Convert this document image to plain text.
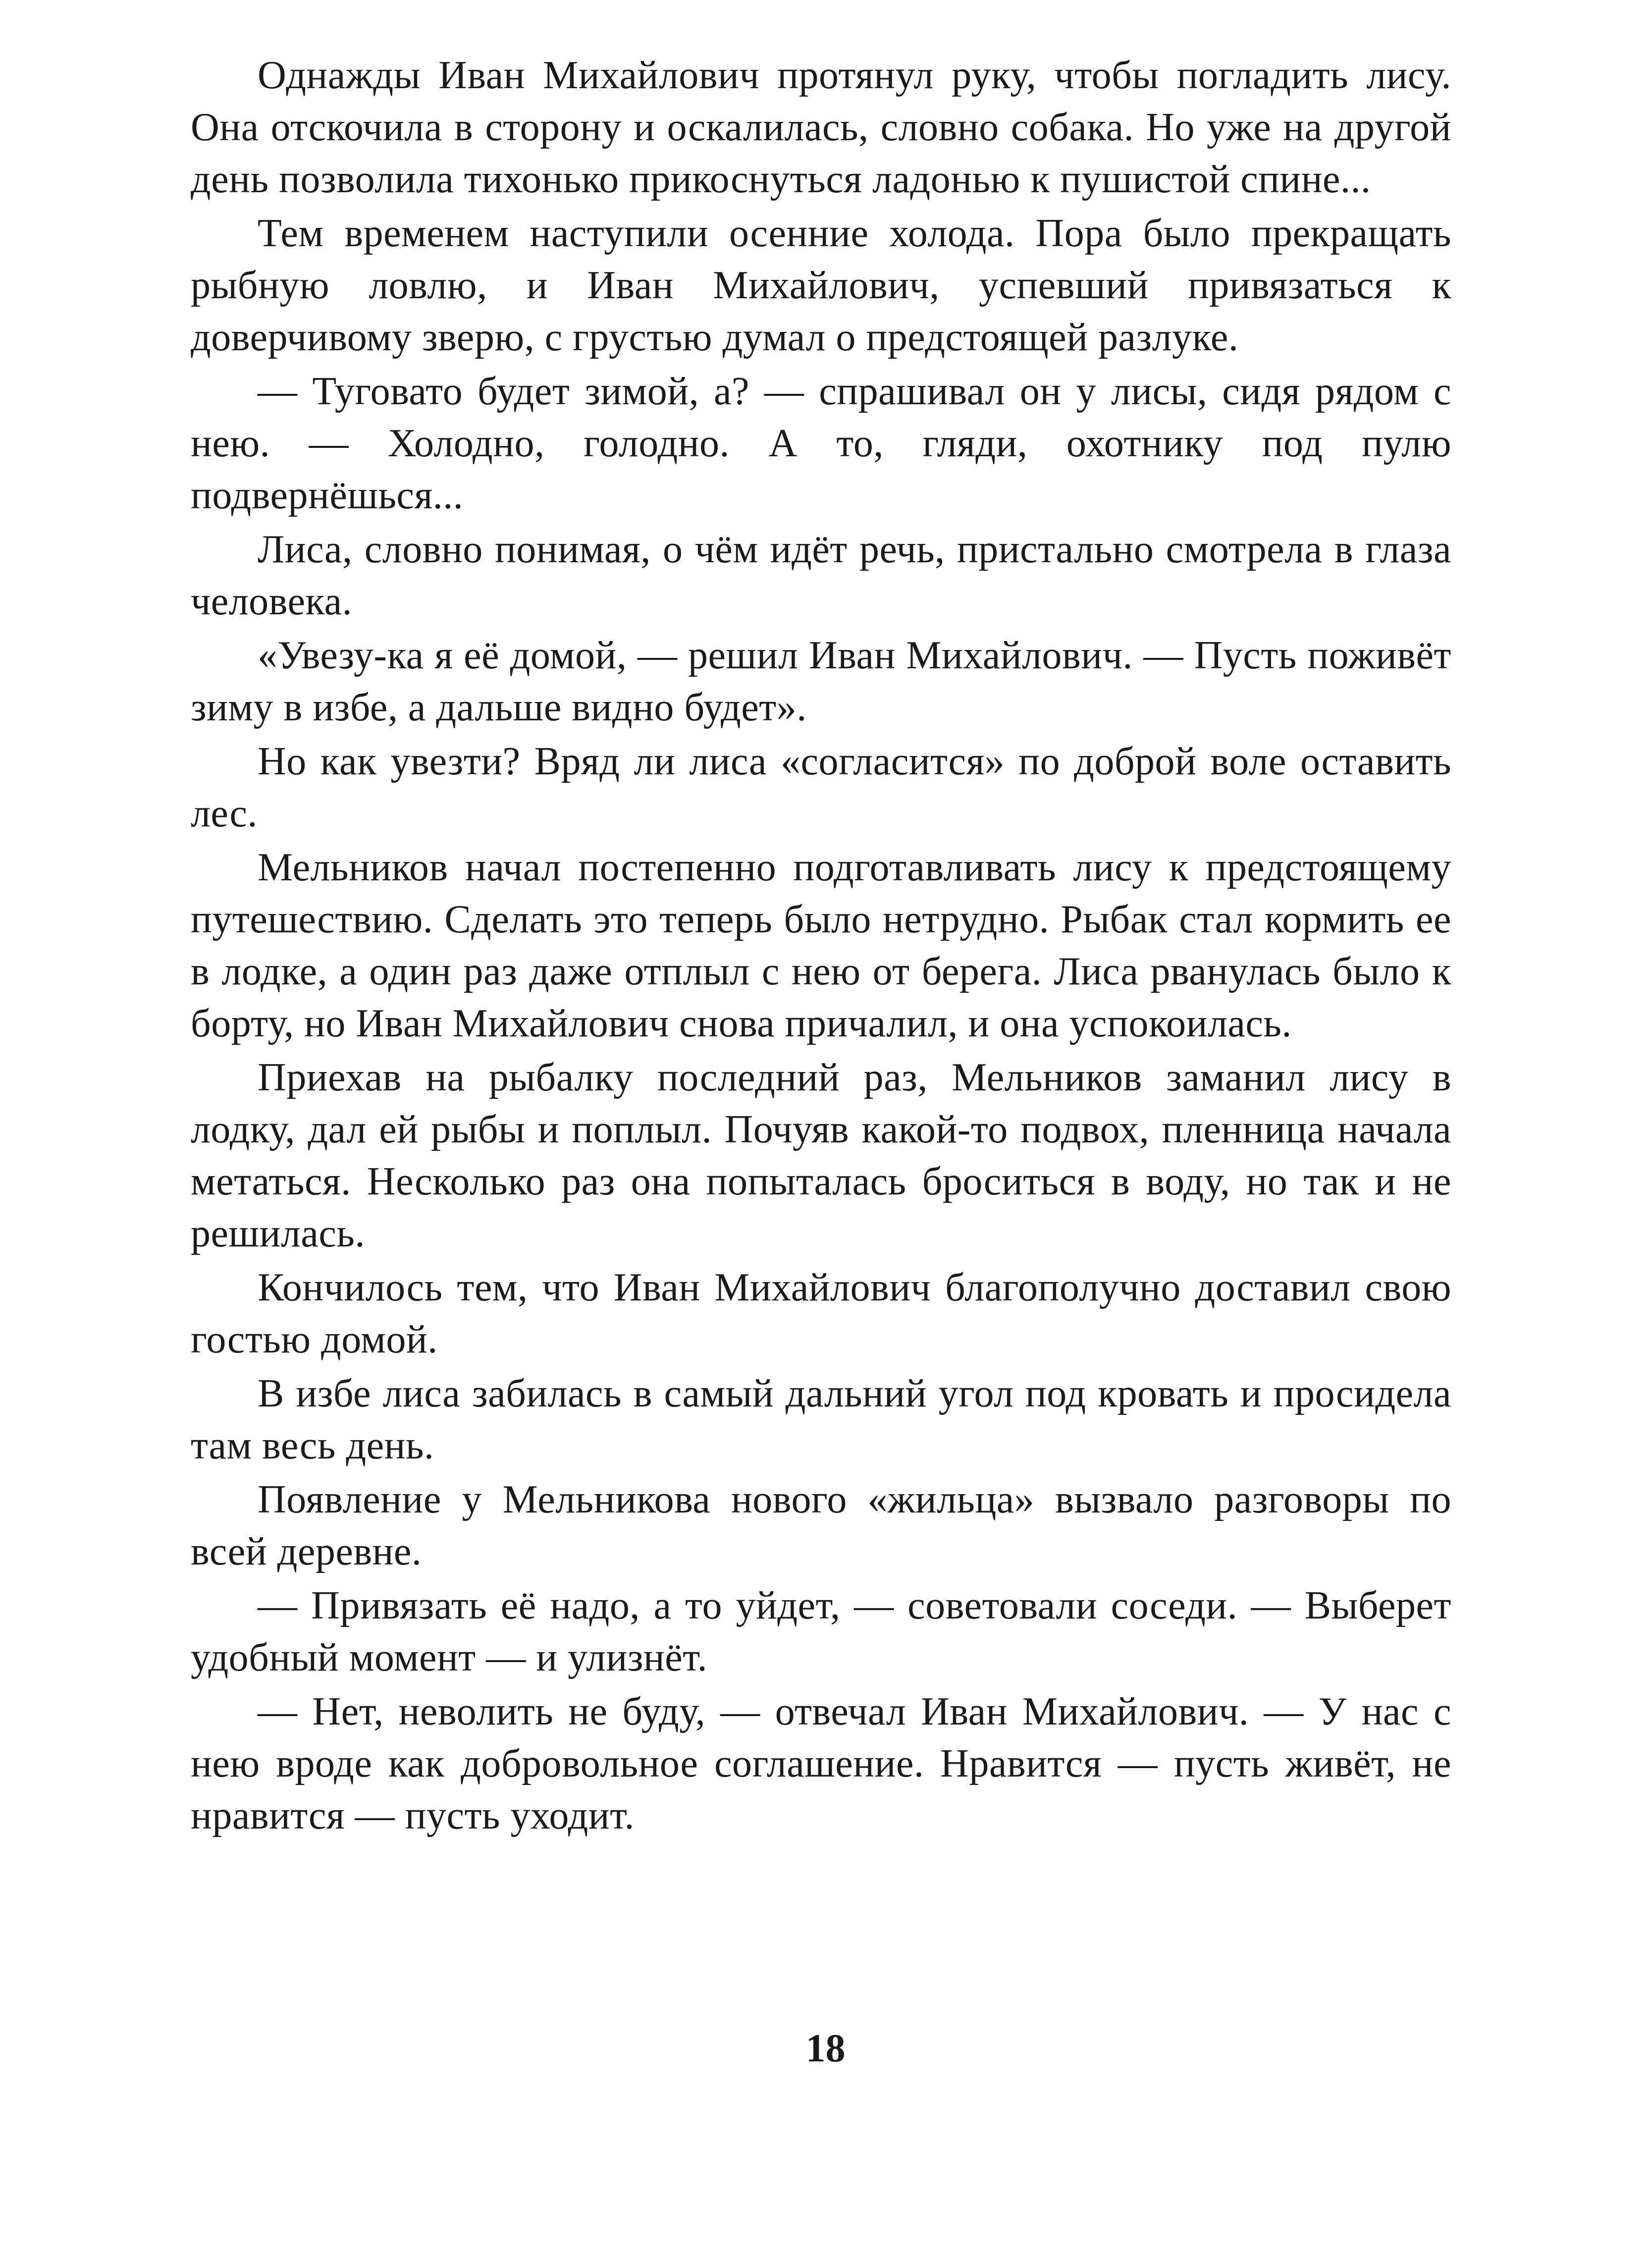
Однажды Иван Михайлович протянул руку, чтобы погладить лису. Она отскочила в сторону и оскалилась, словно собака. Но уже на другой день позволила тихонько прикоснуться ладонью к пушистой спине...

Тем временем наступили осенние холода. Пора было прекращать рыбную ловлю, и Иван Михайлович, успевший привязаться к доверчивому зверю, с грустью думал о предстоящей разлуке.

— Туговато будет зимой, а? — спрашивал он у лисы, сидя рядом с нею. — Холодно, голодно. А то, гляди, охотнику под пулю подвернёшься...

Лиса, словно понимая, о чём идёт речь, пристально смотрела в глаза человека.

«Увезу-ка я её домой, — решил Иван Михайлович. — Пусть поживёт зиму в избе, а дальше видно будет».

Но как увезти? Вряд ли лиса «согласится» по доброй воле оставить лес.

Мельников начал постепенно подготавливать лису к предстоящему путешествию. Сделать это теперь было нетрудно. Рыбак стал кормить ее в лодке, а один раз даже отплыл с нею от берега. Лиса рванулась было к борту, но Иван Михайлович снова причалил, и она успокоилась.

Приехав на рыбалку последний раз, Мельников заманил лису в лодку, дал ей рыбы и поплыл. Почуяв какой-то подвох, пленница начала метаться. Несколько раз она попыталась броситься в воду, но так и не решилась.

Кончилось тем, что Иван Михайлович благополучно доставил свою гостью домой.

В избе лиса забилась в самый дальний угол под кровать и просидела там весь день.

Появление у Мельникова нового «жильца» вызвало разговоры по всей деревне.

— Привязать её надо, а то уйдет, — советовали соседи. — Выберет удобный момент — и улизнёт.

— Нет, неволить не буду, — отвечал Иван Михайлович. — У нас с нею вроде как добровольное соглашение. Нравится — пусть живёт, не нравится — пусть уходит.

18
